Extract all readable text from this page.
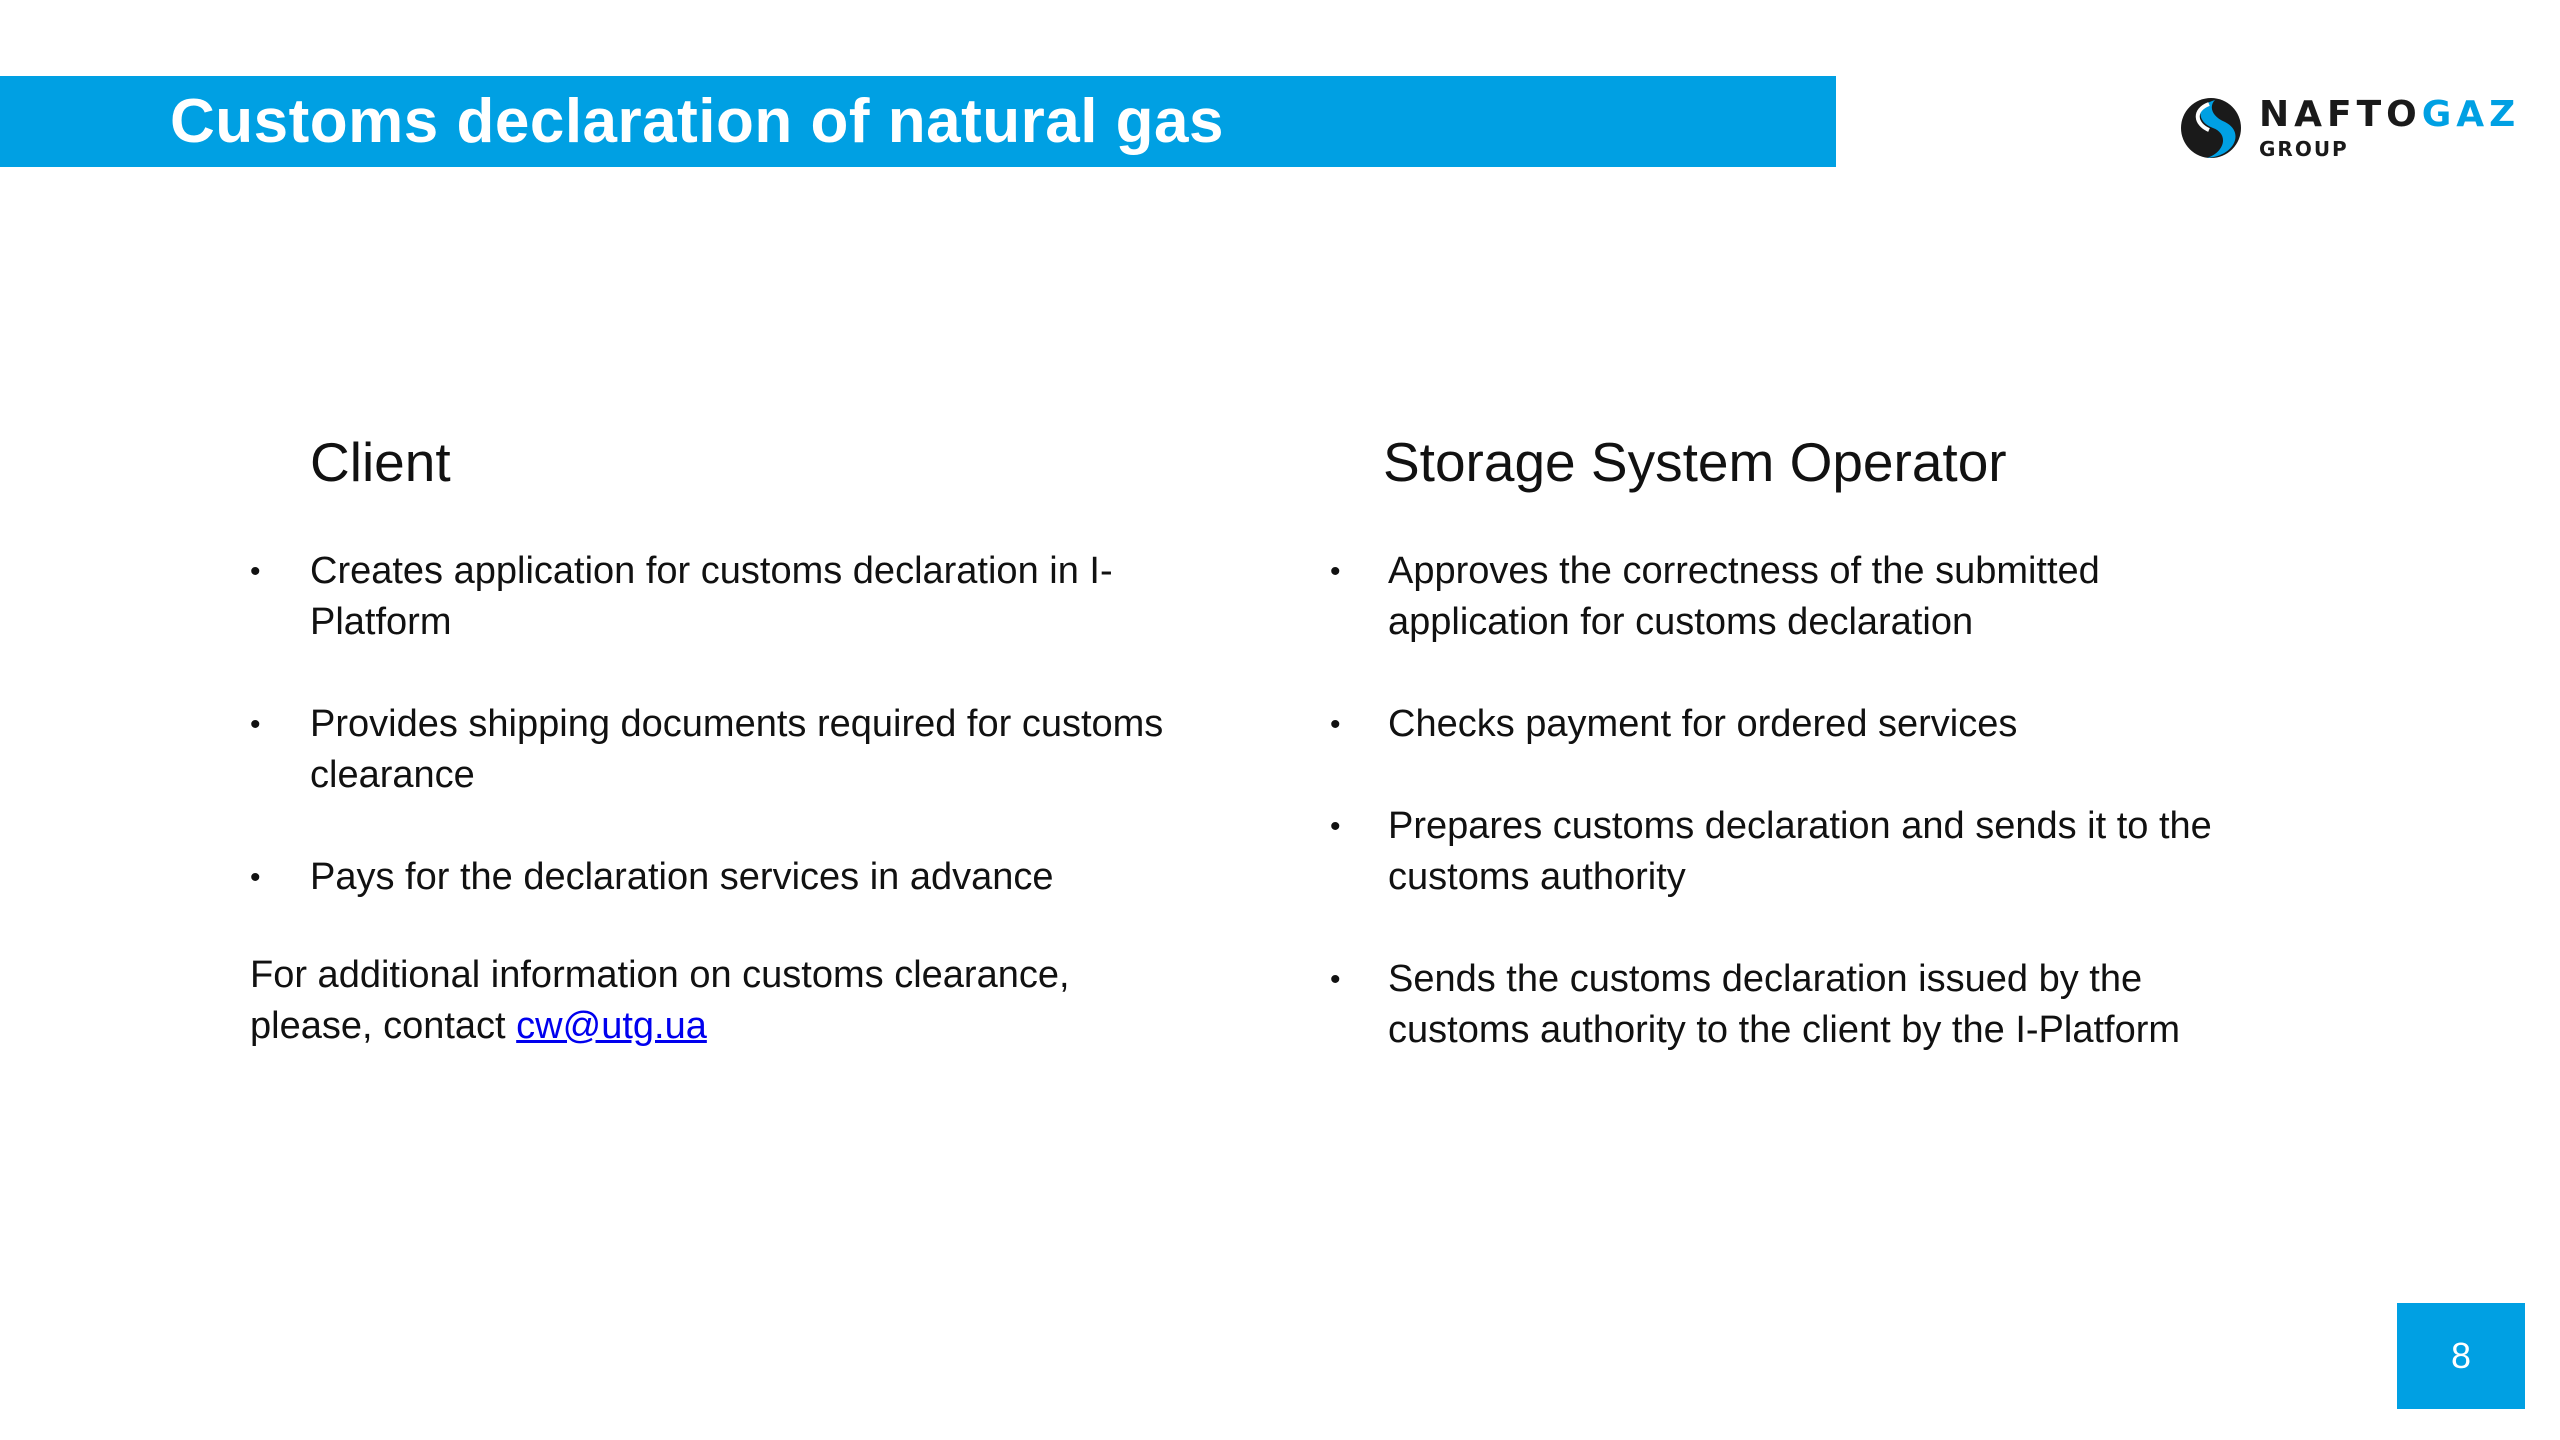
Customs declaration of natural gas	NAFTOGAZ
GROUP
Client
• Creates application for customs declaration in I-Platform
• Provides shipping documents required for customs clearance
• Pays for the declaration services in advance
For additional information on customs clearance, please, contact cw@utg.ua
Storage System Operator
• Approves the correctness of the submitted application for customs declaration
• Checks payment for ordered services
• Prepares customs declaration and sends it to the customs authority
• Sends the customs declaration issued by the customs authority to the client by the I-Platform
8
